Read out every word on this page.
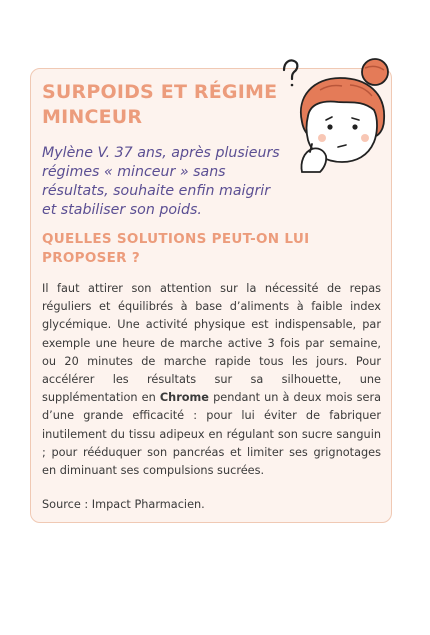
SURPOIDS ET RÉGIME MINCEUR

Mylène V. 37 ans, après plusieurs régimes « minceur » sans résultats, souhaite enfin maigrir et stabiliser son poids.

QUELLES SOLUTIONS PEUT-ON LUI PROPOSER ?

Il faut attirer son attention sur la nécessité de repas réguliers et équilibrés à base d’aliments à faible index glycémique. Une activité physique est indispensable, par exemple une heure de marche active 3 fois par semaine, ou 20 minutes de marche rapide tous les jours. Pour accélérer les résultats sur sa silhouette, une supplémentation en Chrome pendant un à deux mois sera d’une grande efficacité : pour lui éviter de fabriquer inutilement du tissu adipeux en régulant son sucre sanguin ; pour rééduquer son pancréas et limiter ses grignotages en diminuant ses compulsions sucrées.

Source : Impact Pharmacien.
